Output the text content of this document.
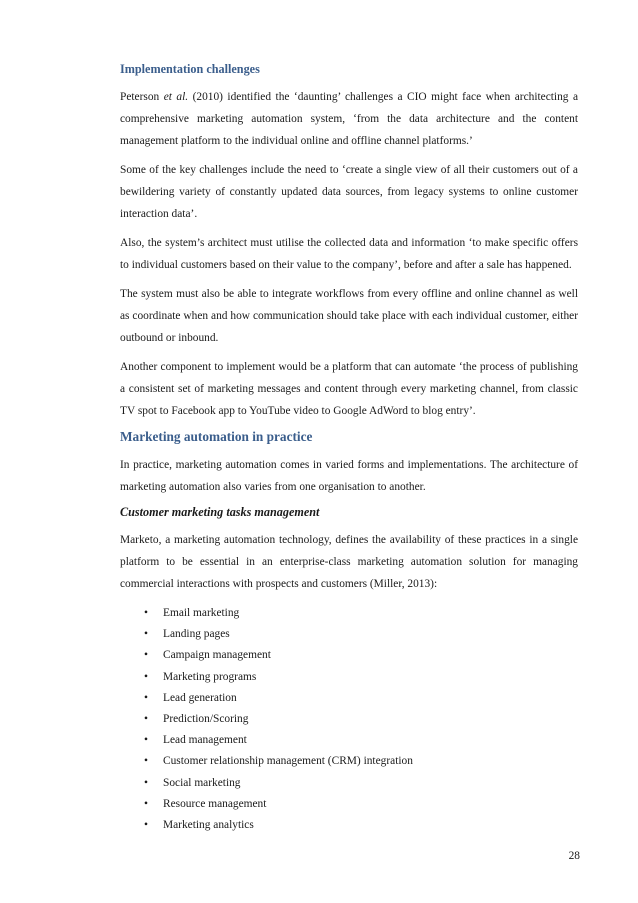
Implementation challenges

Peterson et al. (2010) identified the ‘daunting’ challenges a CIO might face when architecting a comprehensive marketing automation system, ‘from the data architecture and the content management platform to the individual online and offline channel platforms.’

Some of the key challenges include the need to ‘create a single view of all their customers out of a bewildering variety of constantly updated data sources, from legacy systems to online customer interaction data’.

Also, the system’s architect must utilise the collected data and information ‘to make specific offers to individual customers based on their value to the company’, before and after a sale has happened.

The system must also be able to integrate workflows from every offline and online channel as well as coordinate when and how communication should take place with each individual customer, either outbound or inbound.

Another component to implement would be a platform that can automate ‘the process of publishing a consistent set of marketing messages and content through every marketing channel, from classic TV spot to Facebook app to YouTube video to Google AdWord to blog entry’.

Marketing automation in practice

In practice, marketing automation comes in varied forms and implementations. The architecture of marketing automation also varies from one organisation to another.

Customer marketing tasks management

Marketo, a marketing automation technology, defines the availability of these practices in a single platform to be essential in an enterprise-class marketing automation solution for managing commercial interactions with prospects and customers (Miller, 2013):

• Email marketing
• Landing pages
• Campaign management
• Marketing programs
• Lead generation
• Prediction/Scoring
• Lead management
• Customer relationship management (CRM) integration
• Social marketing
• Resource management
• Marketing analytics
28
